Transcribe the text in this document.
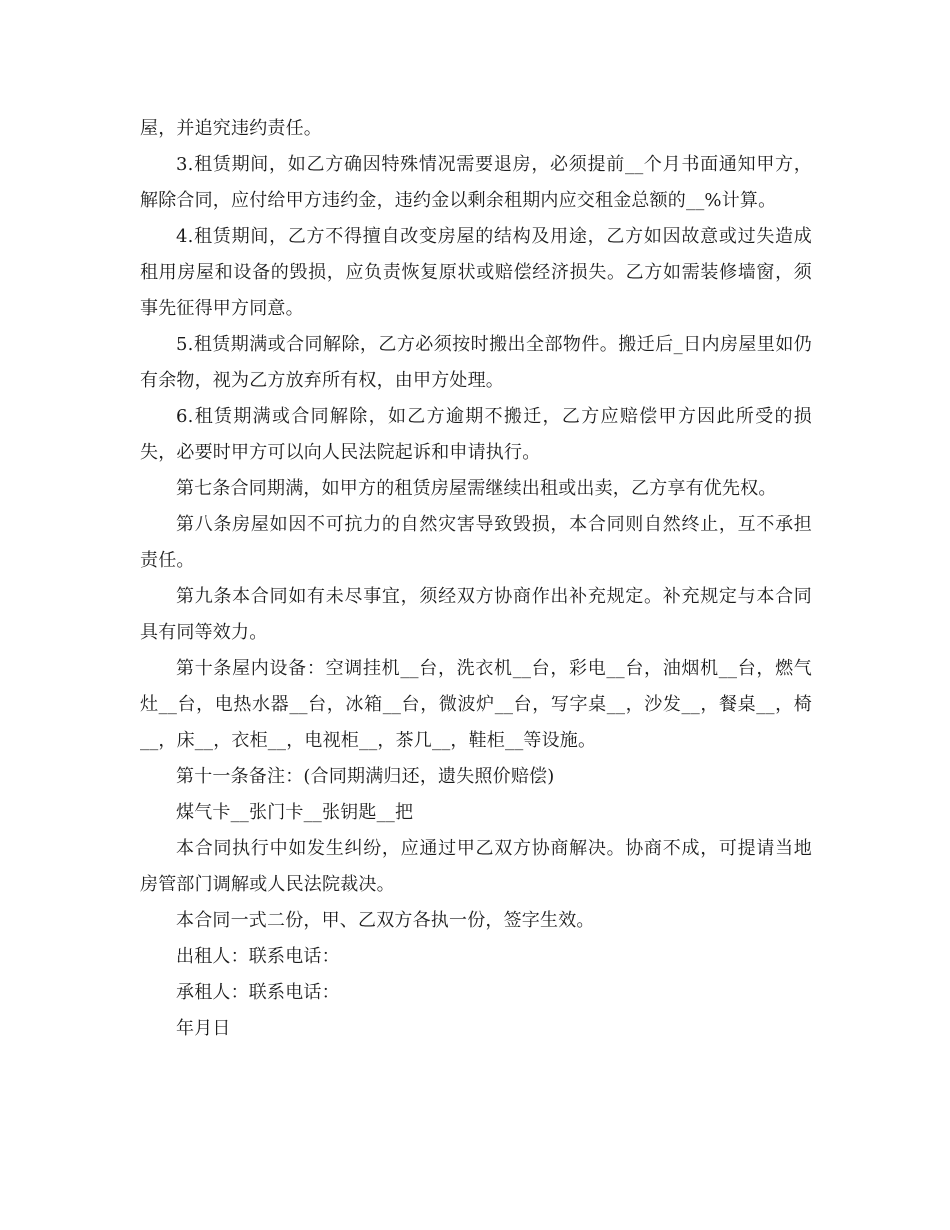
屋，并追究违约责任。

3.租赁期间，如乙方确因特殊情况需要退房，必须提前__个月书面通知甲方，解除合同，应付给甲方违约金，违约金以剩余租期内应交租金总额的__%计算。

4.租赁期间，乙方不得擅自改变房屋的结构及用途，乙方如因故意或过失造成租用房屋和设备的毁损，应负责恢复原状或赔偿经济损失。乙方如需装修墙窗，须事先征得甲方同意。

5.租赁期满或合同解除，乙方必须按时搬出全部物件。搬迁后_日内房屋里如仍有余物，视为乙方放弃所有权，由甲方处理。

6.租赁期满或合同解除，如乙方逾期不搬迁，乙方应赔偿甲方因此所受的损失，必要时甲方可以向人民法院起诉和申请执行。

第七条合同期满，如甲方的租赁房屋需继续出租或出卖，乙方享有优先权。

第八条房屋如因不可抗力的自然灾害导致毁损，本合同则自然终止，互不承担责任。

第九条本合同如有未尽事宜，须经双方协商作出补充规定。补充规定与本合同具有同等效力。

第十条屋内设备：空调挂机__台，洗衣机__台，彩电__台，油烟机__台，燃气灶__台，电热水器__台，冰箱__台，微波炉__台，写字桌__，沙发__，餐桌__，椅__，床__，衣柜__，电视柜__，茶几__，鞋柜__等设施。

第十一条备注：(合同期满归还，遗失照价赔偿)

煤气卡__张门卡__张钥匙__把

本合同执行中如发生纠纷，应通过甲乙双方协商解决。协商不成，可提请当地房管部门调解或人民法院裁决。

本合同一式二份，甲、乙双方各执一份，签字生效。

出租人：联系电话：

承租人：联系电话：

年月日
